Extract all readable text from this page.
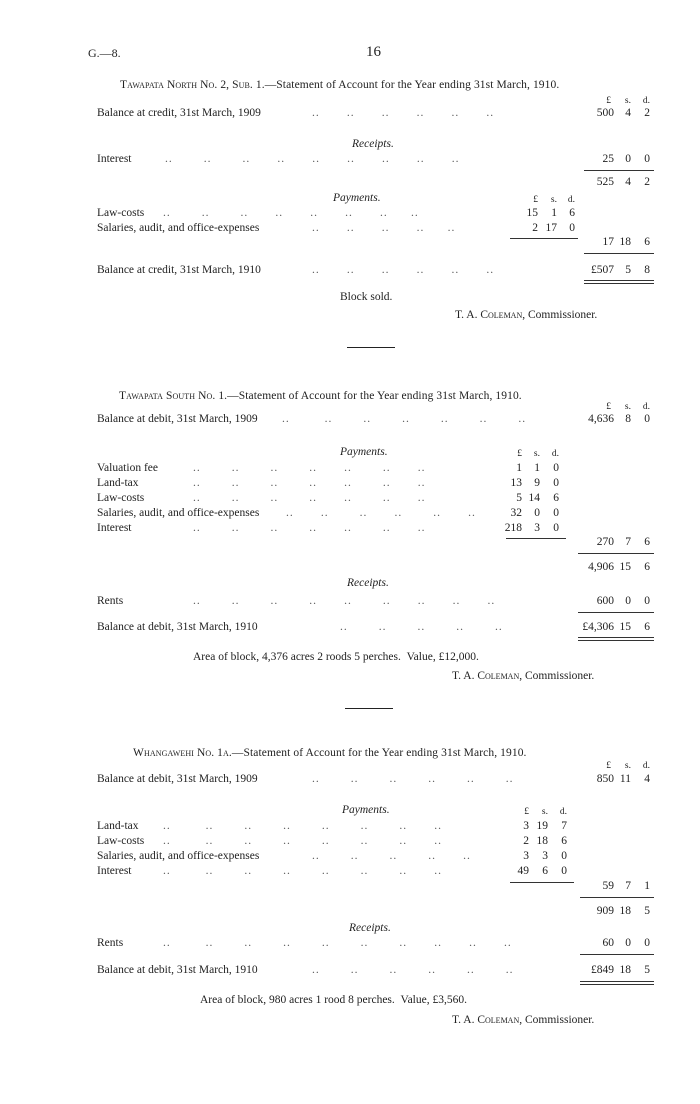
G.—8.	16
Tawapata North No. 2, Sub. 1.—Statement of Account for the Year ending 31st March, 1910.
£	s.	d.
Balance at credit, 31st March, 1909	..       ..       ..       ..       ..       ..	500 4	2
Receipts.
Interest	..        ..        ..       ..       ..       ..       ..       ..       ..	25 0	0
525 4	2
Payments.	£	s.	d.
Law-costs ..        ..        ..       ..       ..       ..       ..      ..	15	1	6
Salaries, audit, and office-expenses	..       ..       ..       ..      ..	2 17	0
17 18	6
Balance at credit, 31st March, 1910	..       ..       ..       ..       ..       ..	£507 5	8
Block sold.
T. A. Coleman, Commissioner.
Tawapata South No. 1.—Statement of Account for the Year ending 31st March, 1910.
£	s.	d.
Balance at debit, 31st March, 1909 ..         ..        ..        ..        ..        ..        ..	4,636 8	0
Payments.	£	s.	d.
Valuation fee	..        ..        ..        ..       ..        ..       ..	1	1	0
Land-tax	..        ..        ..        ..       ..        ..       ..	13	9	0
Law-costs	..        ..        ..        ..       ..        ..       ..	5 14	6
Salaries, audit, and office-expenses ..       ..        ..       ..        ..       ..	32	0	0
Interest	..        ..        ..        ..       ..        ..       ..	218	3	0
270 7	6
4,906 15	6
Receipts.
Rents	..        ..        ..        ..       ..        ..       ..       ..       ..	600 0	0
Balance at debit, 31st March, 1910	..        ..        ..        ..        ..	£4,306 15	6
Area of block, 4,376 acres 2 roods 5 perches. Value, £12,000.
T. A. Coleman, Commissioner.
Whangawehi No. 1a.—Statement of Account for the Year ending 31st March, 1910.
£	s.	d.
Balance at debit, 31st March, 1909	..        ..        ..        ..        ..        ..	850 11	4
Payments.	£	s.	d.
Land-tax ..         ..        ..        ..        ..        ..        ..       ..	3 19	7
Law-costs ..         ..        ..        ..        ..        ..        ..       ..	2 18	6
Salaries, audit, and office-expenses	..        ..        ..        ..       ..	3	3	0
Interest	..         ..        ..        ..        ..        ..        ..       ..	49	6	0
59 7	1
909 18	5
Receipts.
Rents	..         ..        ..        ..        ..        ..        ..       ..       ..       ..	60 0	0
Balance at debit, 31st March, 1910	..        ..        ..        ..        ..        ..	£849 18	5
Area of block, 980 acres 1 rood 8 perches. Value, £3,560.
T. A. Coleman, Commissioner.
